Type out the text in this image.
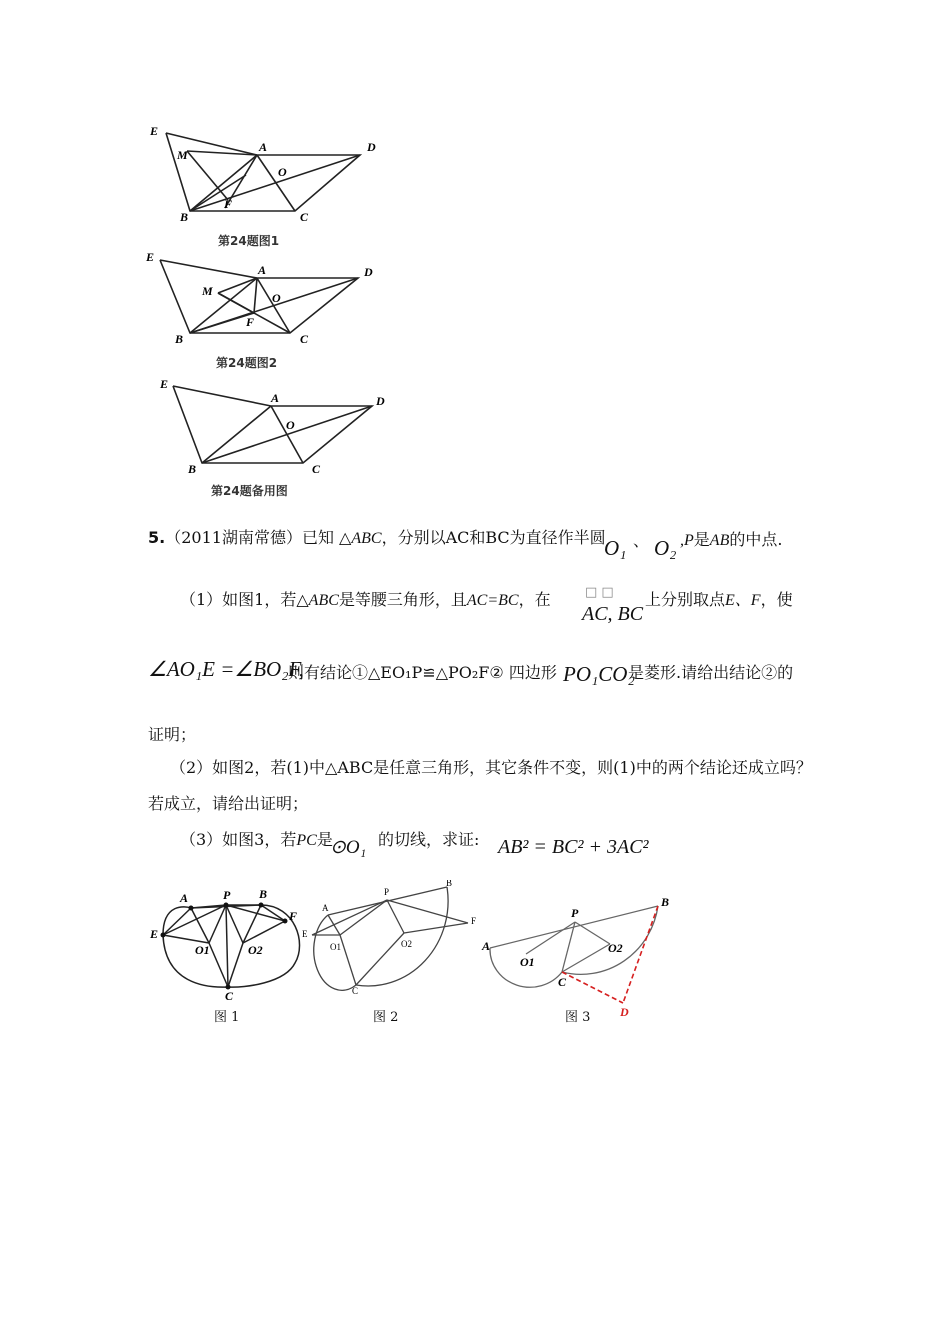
E
M
A	D
O
B
F
C
第24题图1
E
M
A	D
O
B
F
C
第24题图2
E
A	D
O
B	C
第24题备用图
5.（2011湖南常德）已知 △ABC，分别以AC和BC为直径作半圆
O₁ 、 O₂ ,P是AB的中点.
（1）如图1，若△ABC是等腰三角形，且AC=BC，在	□ □
AC, BC
上分别取点E、F，使
∠AO₁E =∠BO₂F,
则有结论①△EO₁P≌△PO₂F② 四边形 PO₁CO₂
是菱形.请给出结论②的
证明；
（2）如图2，若(1)中△ABC是任意三角形，其它条件不变，则(1)中的两个结论还成立吗？
若成立，请给出证明；
（3）如图3，若PC是
⊙O₁ 的切线，求证: AB² = BC² + 3AC²
A	P B
E
F
O1	O2
C
图 1
A
P
B
E
F
O1	O2
C
图 2
A
P
B
O1
O2
C
D
图 3
